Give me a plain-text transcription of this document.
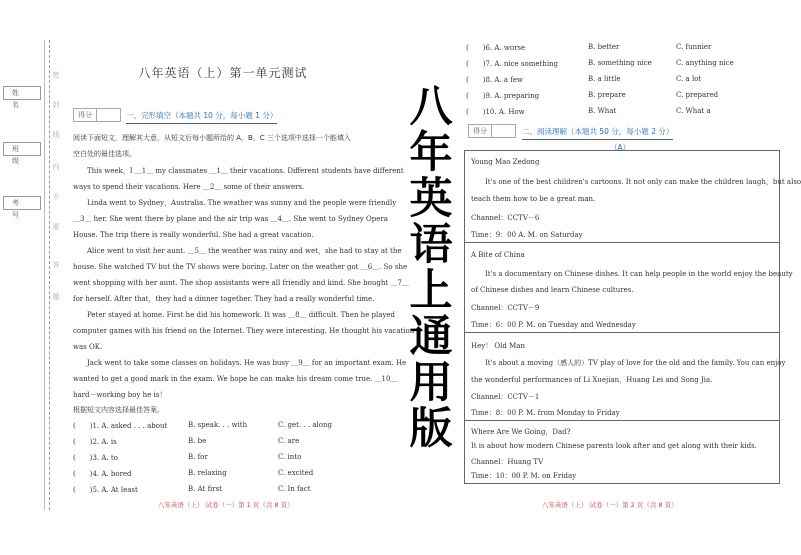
姓 名
班 级
考 号
密
封
线
内
不
要
答
题
八年英语（上）第一单元测试
得分	一、完形填空（本题共 10 分，每小题 1 分）
阅读下面短文，理解其大意，从短文后每小题所给的 A，B，C 三个选项中选择一个能填入
空白处的最佳选项。
This week，I ＿1＿ my classmates ＿1＿ their vacations. Different students have different
ways to spend their vacations. Here ＿2＿ some of their answers.
Linda went to Sydney，Australia. The weather was sunny and the people were friendly
＿3＿ her. She went there by plane and the air trip was ＿4＿. She went to Sydney Opera
House. The trip there is really wonderful. She had a great vacation.
Alice went to visit her aunt. ＿5＿ the weather was rainy and wet，she had to stay at the
house. She watched TV but the TV shows were boring. Later on the weather got ＿6＿. So she
went shopping with her aunt. The shop assistants were all friendly and kind. She bought ＿7＿
for herself. After that，they had a dinner together. They had a really wonderful time.
Peter stayed at home. First he did his homework. It was ＿8＿ difficult. Then he played
computer games with his friend on the Internet. They were interesting. He thought his vacation
was OK.
Jack went to take some classes on holidays. He was busy ＿9＿ for an important exam. He
wanted to get a good mark in the exam. We hope he can make his dream come true. ＿10＿
hard－working boy he is！
根据短文内容选择最佳答案。
(　　)1. A. asked . . . about	B. speak. . . with	C. get. . . along
(　　)2. A. is	B. be	C. are
(　　)3. A. to	B. for	C. into
(　　)4. A. bored	B. relaxing	C. excited
(　　)5. A. At least	B. At first	C. In fact
八年英语（上） 试卷（一）第 1 页（共 8 页）
八
年
英
语
上
通
用
版
(　　)6. A. worse	B. better	C. funnier
(　　)7. A. nice something	B. something nice	C. anything nice
(　　)8. A. a few	B. a little	C. a lot
(　　)9. A. preparing	B. prepare	C. prepared
(　　)10. A. How	B. What	C. What a
得分	二、阅读理解（本题共 50 分，每小题 2 分）
（A）
Young Mao Zedong
　　It's one of the best children's cartoons. It not only can make the children laugh，but also
teach them how to be a great man.
Channel：CCTV－6
Time：9：00 A. M. on Saturday
A Bite of China
　　It's a documentary on Chinese dishes. It can help people in the world enjoy the beauty
of Chinese dishes and learn Chinese cultures.
Channel：CCTV－9
Time：6：00 P. M. on Tuesday and Wednesday
Hey！ Old Man
　　It's about a moving（感人的）TV play of love for the old and the family. You can enjoy
the wonderful performances of Li Xuejian，Huang Lei and Song Jia.
Channel：CCTV－1
Time：8：00 P. M. from Monday to Friday
Where Are We Going，Dad?
It is about how modern Chinese parents look after and get along with their kids.
Channel：Huang TV
Time：10：00 P. M. on Friday
八年英语（上） 试卷（一）第 2 页（共 8 页）
